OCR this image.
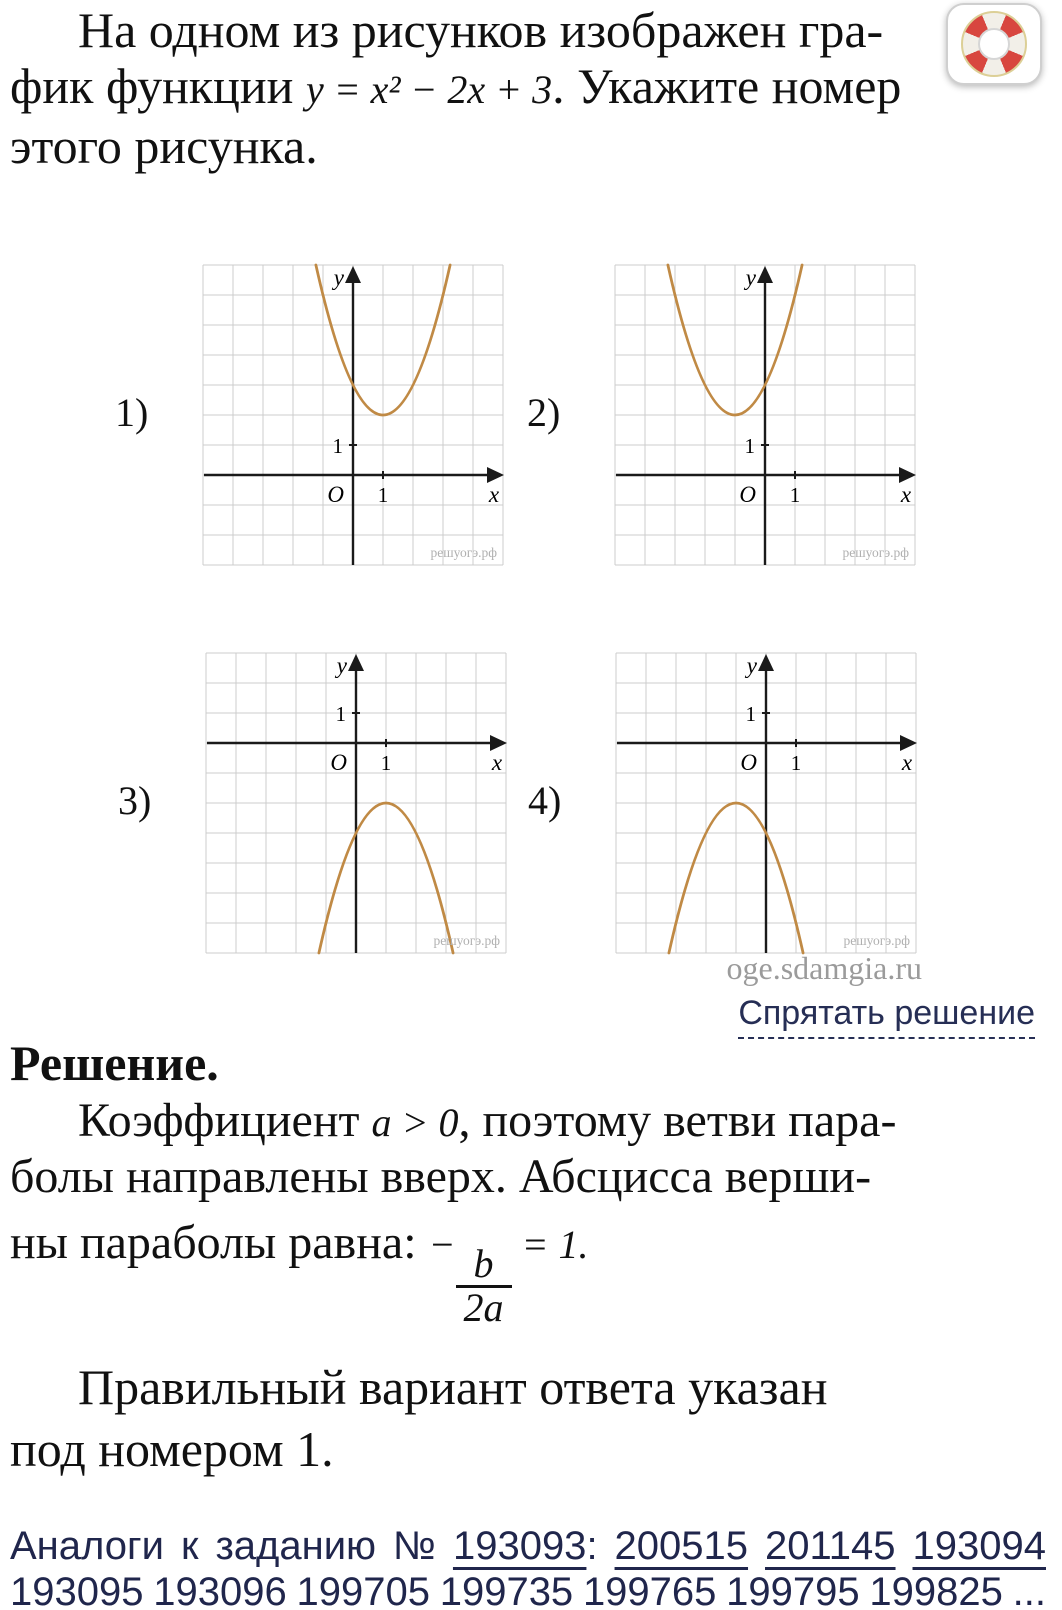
На одном из рисунков изображен гра-
фик функции y = x² − 2x + 3. Укажите номер
этого рисунка.
1)
y
x
O 1
1
решуогэ.рф
2)
y
x
O 1
1
решуогэ.рф
3)
y
x
O 1
1
решуогэ.рф
4)
y
x
O 1
1
решуогэ.рф
oge.sdamgia.ru
Спрятать решение
Решение.
Коэффициент a > 0, поэтому ветви пара-
болы направлены вверх. Абсцисса верши-
ны параболы равна: − $\frac{b}{2a} = 1$.
Правильный вариант ответа указан
под номером 1.
Аналоги к заданию № 193093: 200515 201145 193094
193095 193096 199705 199735 199765 199795 199825 ...
